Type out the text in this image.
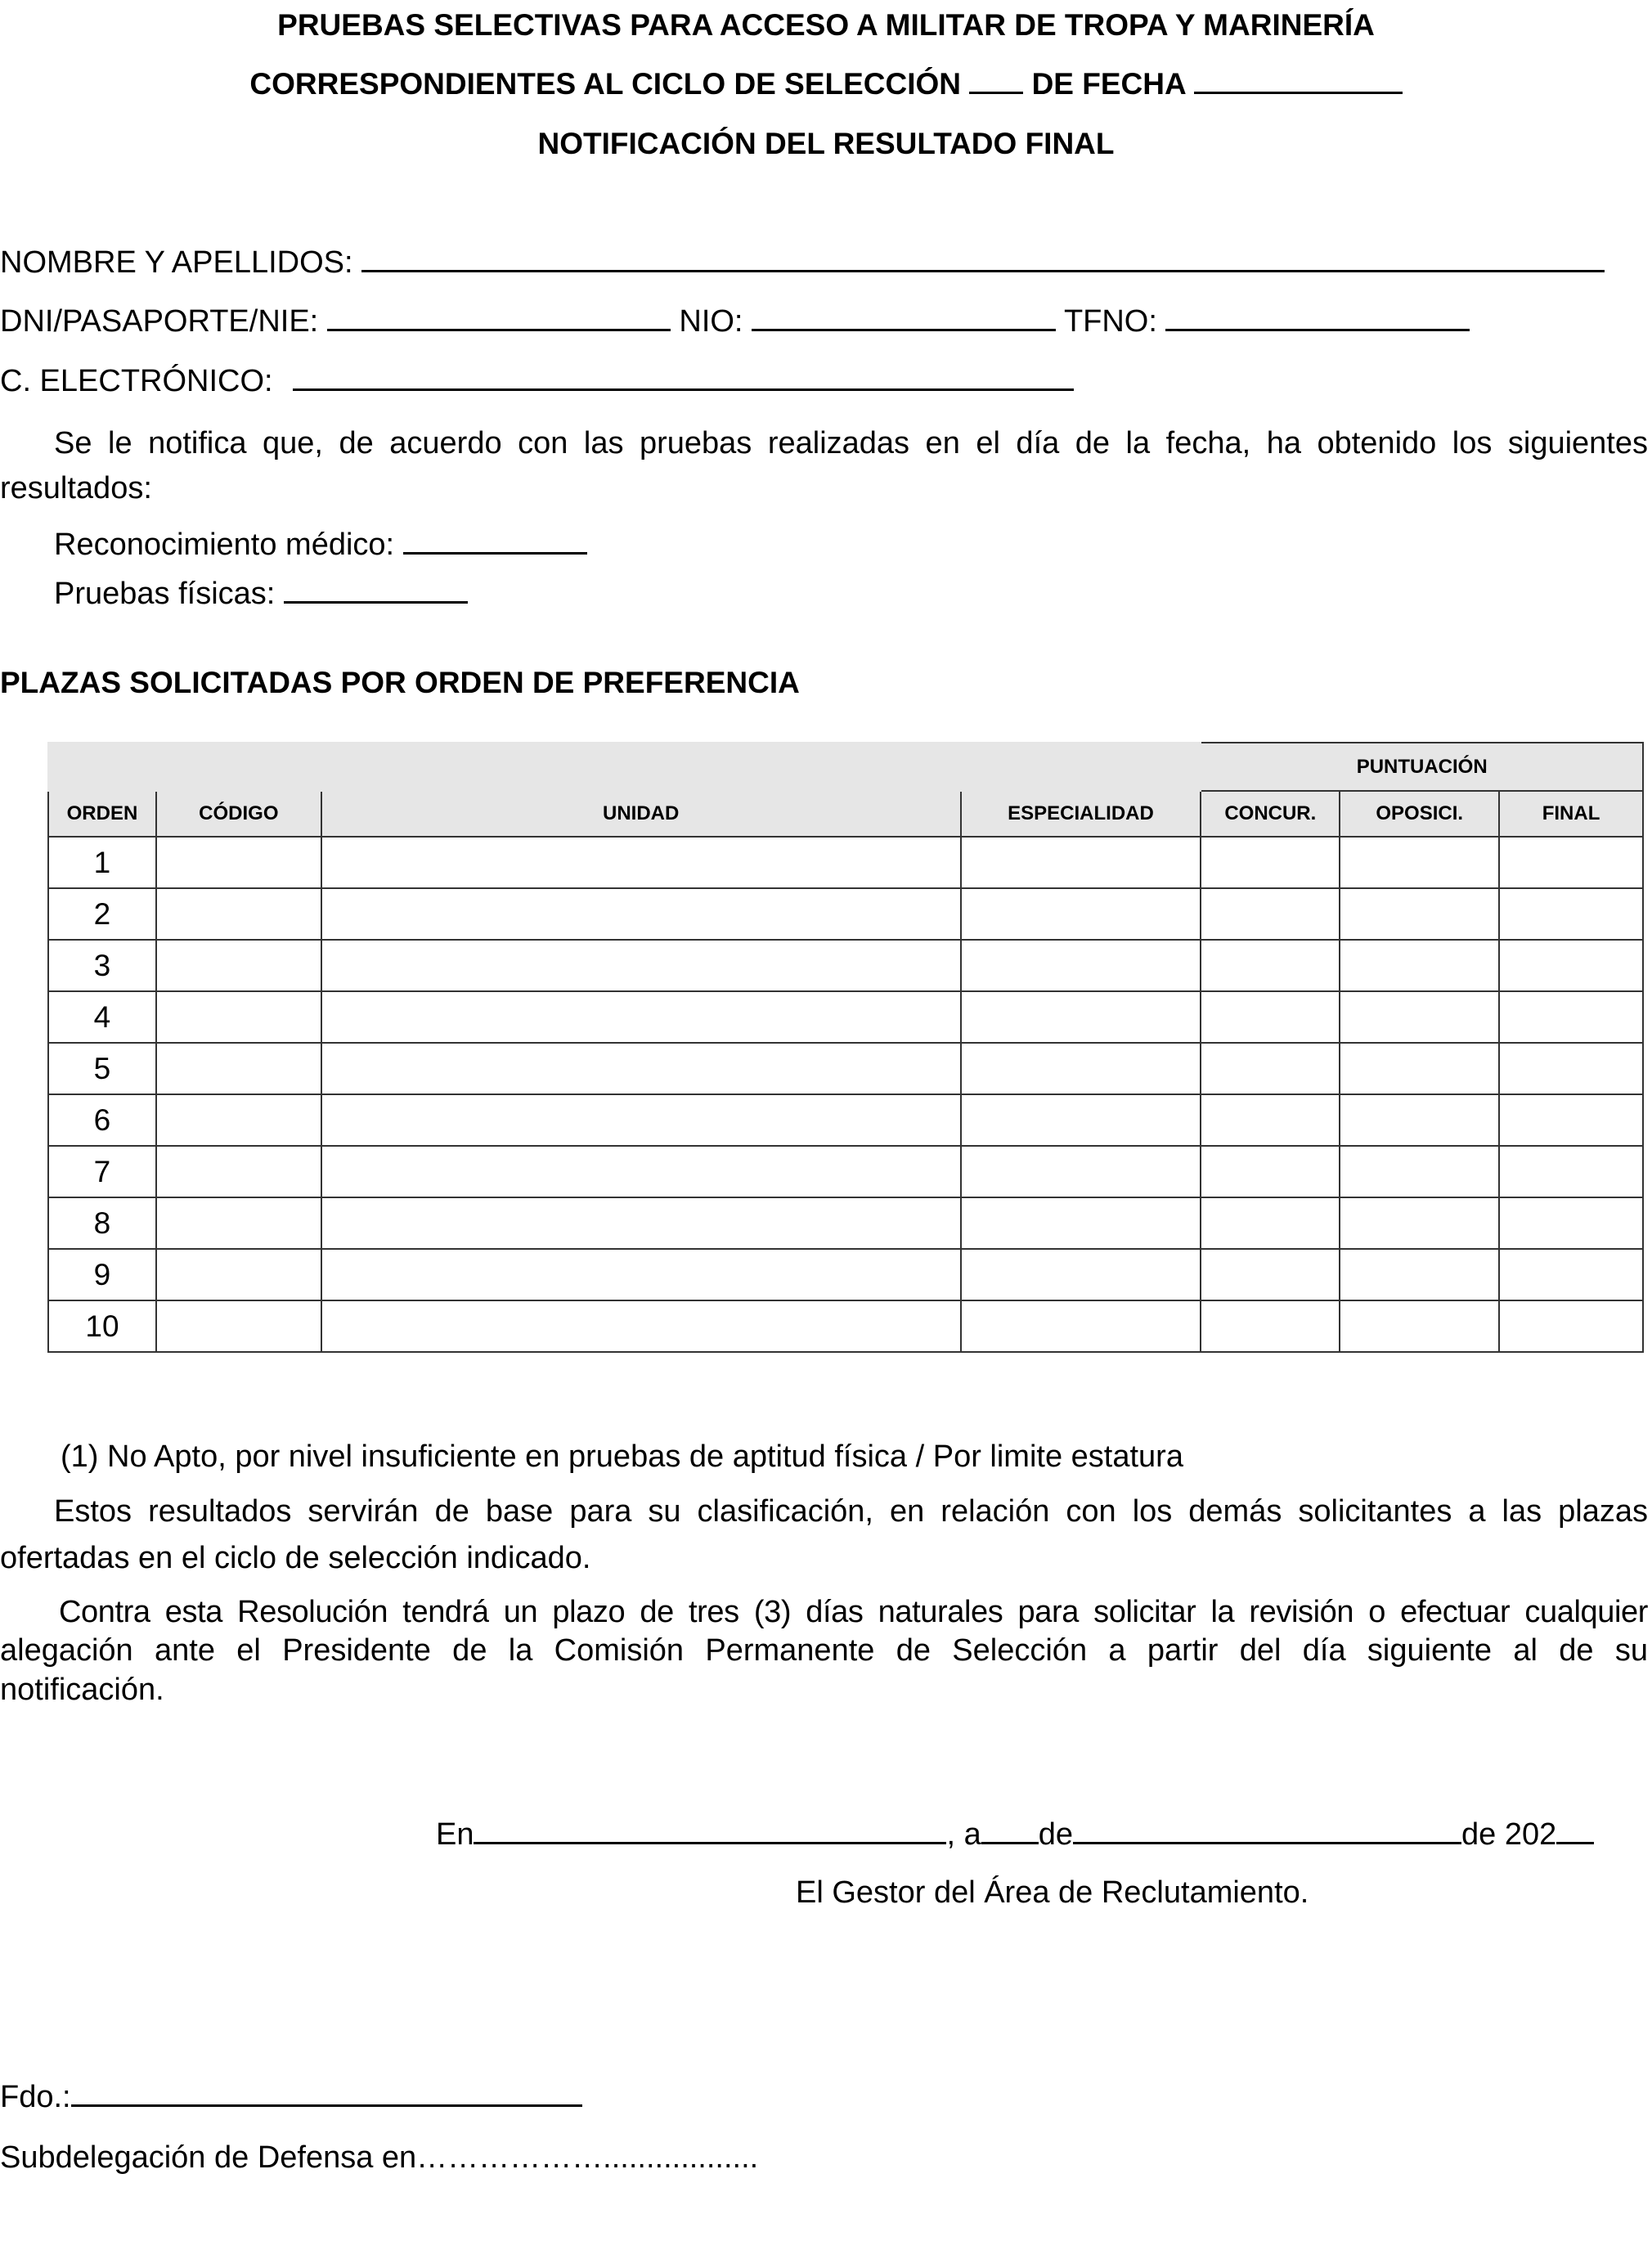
PRUEBAS SELECTIVAS PARA ACCESO A MILITAR DE TROPA Y MARINERÍA
CORRESPONDIENTES AL CICLO DE SELECCIÓN DE FECHA
NOTIFICACIÓN DEL RESULTADO FINAL
NOMBRE Y APELLIDOS:
DNI/PASAPORTE/NIE:	NIO:	TFNO:
C. ELECTRÓNICO:
Se le notifica que, de acuerdo con las pruebas realizadas en el día de la fecha, ha obtenido los siguientes
resultados:
Reconocimiento médico:
Pruebas físicas:
PLAZAS SOLICITADAS POR ORDEN DE PREFERENCIA
				PUNTUACIÓN		
ORDEN	CÓDIGO	UNIDAD	ESPECIALIDAD	CONCUR.	OPOSICI.	FINAL
1						
2						
3						
4						
5						
6						
7						
8						
9						
10						
(1) No Apto, por nivel insuficiente en pruebas de aptitud física / Por limite estatura
Estos resultados servirán de base para su clasificación, en relación con los demás solicitantes a las plazas
ofertadas en el ciclo de selección indicado.
Contra esta Resolución tendrá un plazo de tres (3) días naturales para solicitar la revisión o efectuar cualquier
alegación ante el Presidente de la Comisión Permanente de Selección a partir del día siguiente al de su
notificación.
En	, a de	de 202
El Gestor del Área de Reclutamiento.
Fdo.:
Subdelegación de Defensa en………………..................
